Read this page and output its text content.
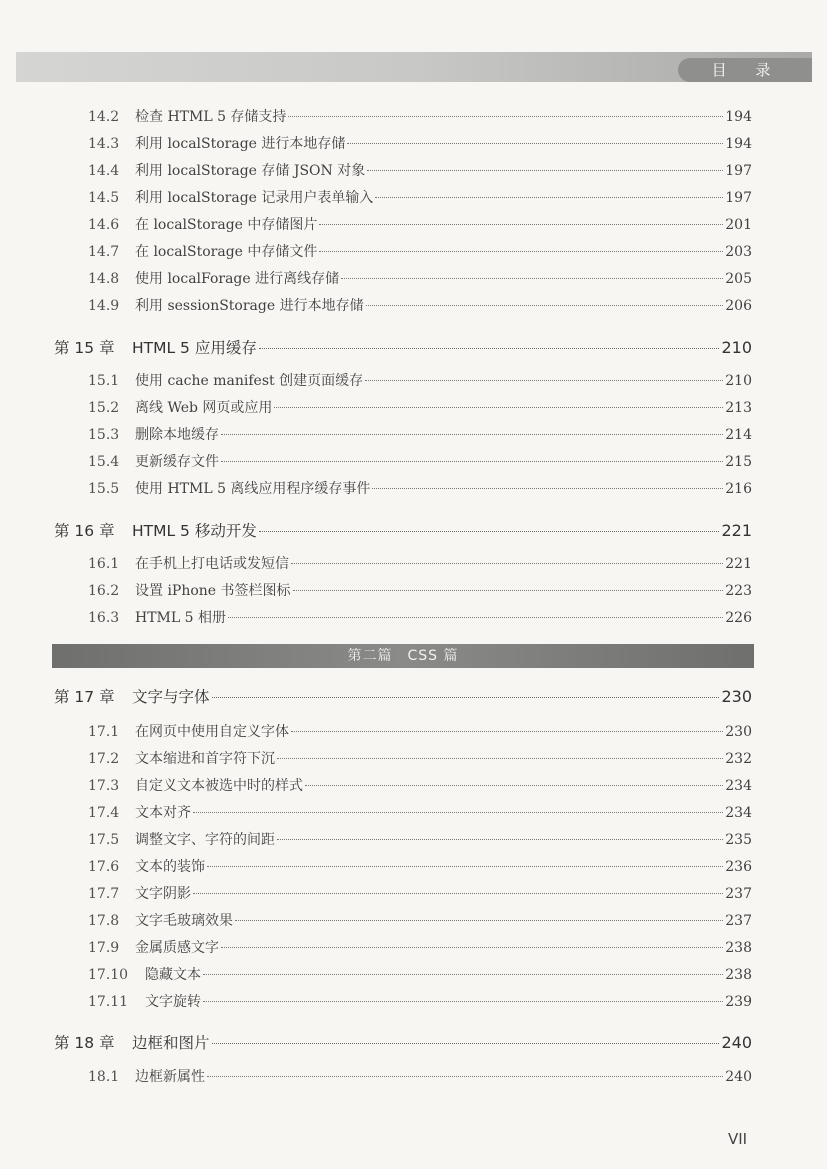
目 录
14.2	检查 HTML 5 存储支持	194
14.3	利用 localStorage 进行本地存储	194
14.4	利用 localStorage 存储 JSON 对象	197
14.5	利用 localStorage 记录用户表单输入	197
14.6	在 localStorage 中存储图片	201
14.7	在 localStorage 中存储文件	203
14.8	使用 localForage 进行离线存储	205
14.9	利用 sessionStorage 进行本地存储	206
第 15 章	HTML 5 应用缓存	210
15.1	使用 cache manifest 创建页面缓存	210
15.2	离线 Web 网页或应用	213
15.3	删除本地缓存	214
15.4	更新缓存文件	215
15.5	使用 HTML 5 离线应用程序缓存事件	216
第 16 章	HTML 5 移动开发	221
16.1	在手机上打电话或发短信	221
16.2	设置 iPhone 书签栏图标	223
16.3	HTML 5 相册	226
第二篇　CSS 篇
第 17 章	文字与字体	230
17.1	在网页中使用自定义字体	230
17.2	文本缩进和首字符下沉	232
17.3	自定义文本被选中时的样式	234
17.4	文本对齐	234
17.5	调整文字、字符的间距	235
17.6	文本的装饰	236
17.7	文字阴影	237
17.8	文字毛玻璃效果	237
17.9	金属质感文字	238
17.10	隐藏文本	238
17.11	文字旋转	239
第 18 章	边框和图片	240
18.1	边框新属性	240
VII
